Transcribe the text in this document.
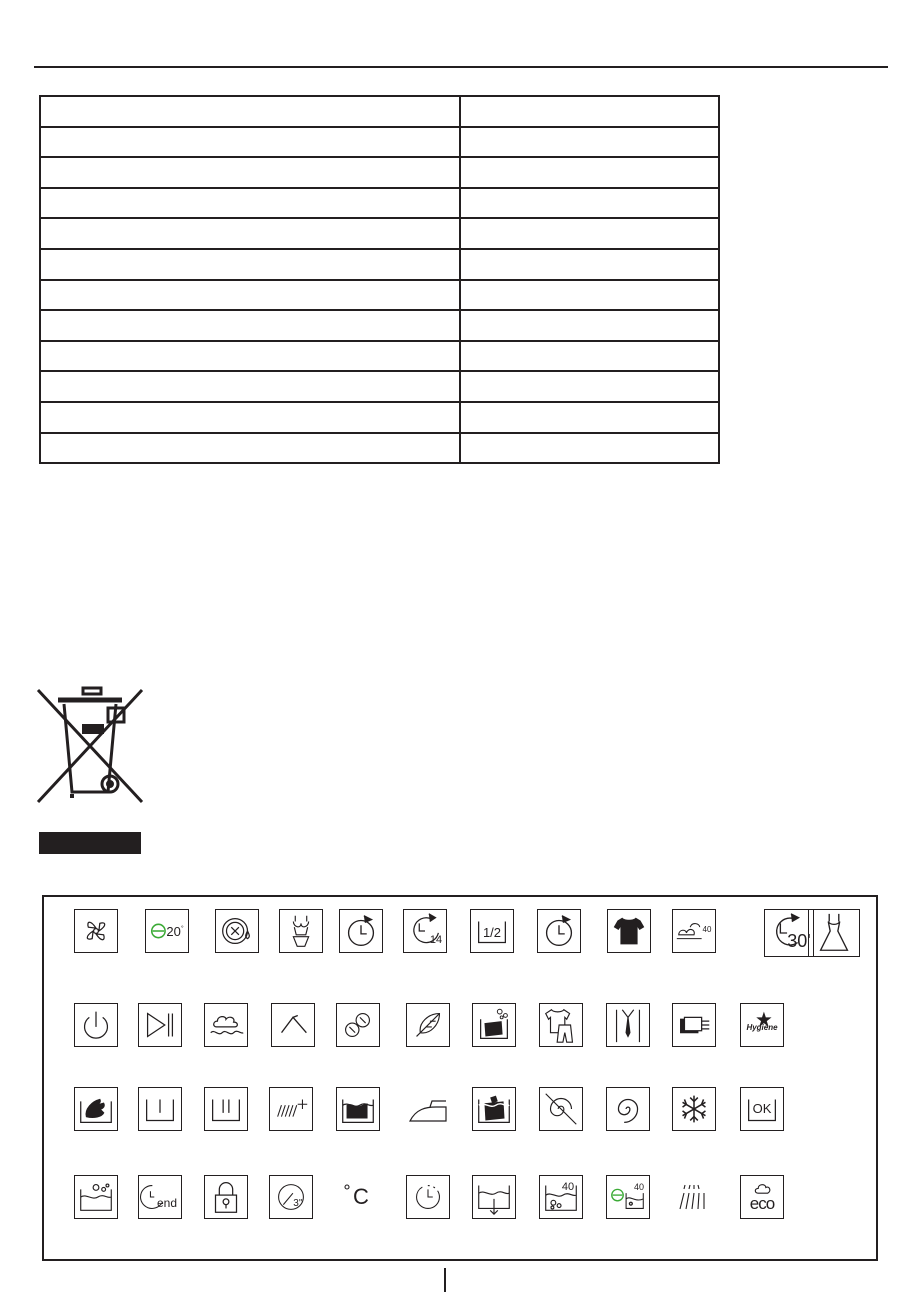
20°
14	1/2	40
30'
Hygiene
OK
end	3''	C	40	40
eco
